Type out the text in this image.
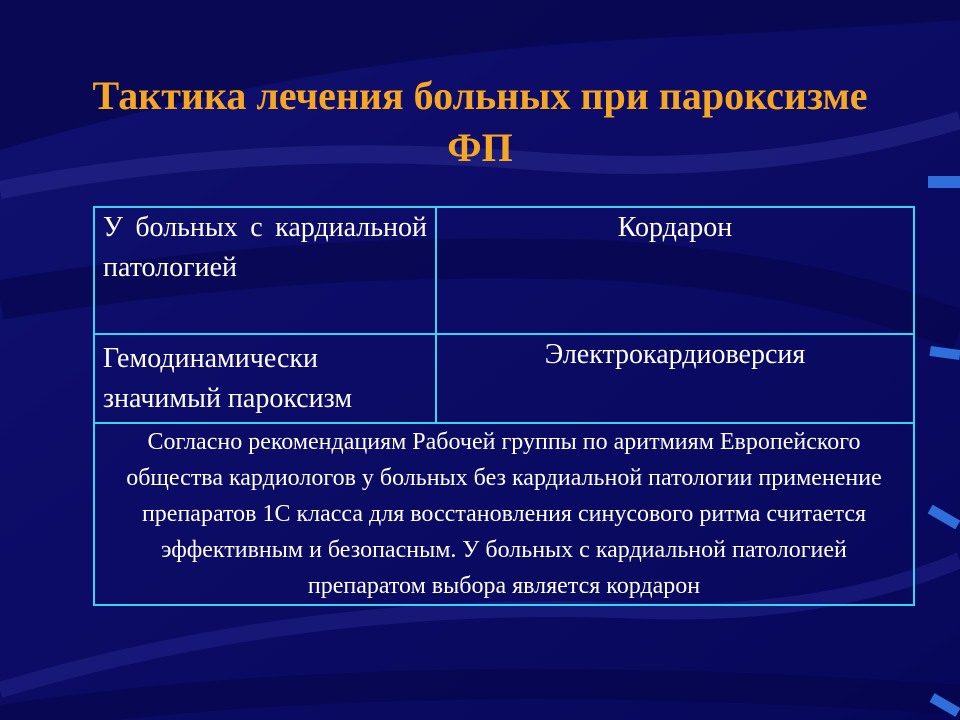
Тактика лечения больных при пароксизме ФП
У больных с кардиальной патологией	Кордарон
Гемодинамически значимый пароксизм	Электрокардиоверсия
Согласно рекомендациям Рабочей группы по аритмиям Европейского общества кардиологов у больных без кардиальной патологии применение препаратов 1С класса для восстановления синусового ритма считается эффективным и безопасным. У больных с кардиальной патологией препаратом выбора является кордарон	
